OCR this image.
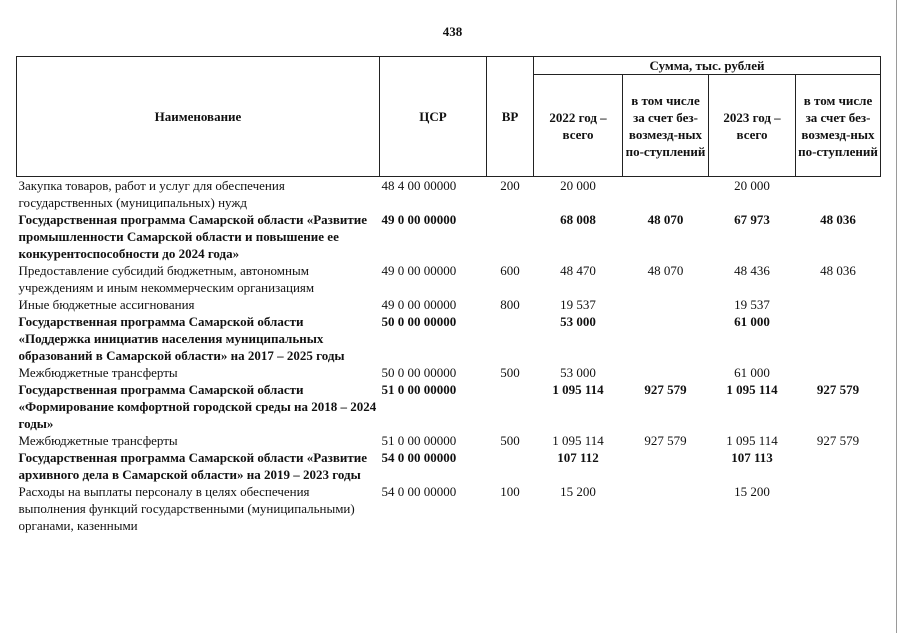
438
Наименование	ЦСР	ВР	Сумма, тыс. рублей			
			2022 год – всего	в том числе за счет без-возмезд-ных по-ступлений	2023 год – всего	в том числе за счет без-возмезд-ных по-ступлений
Закупка товаров, работ и услуг для обеспечения государственных (муниципальных) нужд	48 4 00 00000	200	20 000		20 000	
Государственная программа Самарской области «Развитие промышленности Самарской области и повышение ее конкурентоспособности до 2024 года»	49 0 00 00000		68 008	48 070	67 973	48 036
Предоставление субсидий бюджетным, автономным учреждениям и иным некоммерческим организациям	49 0 00 00000	600	48 470	48 070	48 436	48 036
Иные бюджетные ассигнования	49 0 00 00000	800	19 537		19 537	
Государственная программа Самарской области «Поддержка инициатив населения муниципальных образований в Самарской области» на 2017 – 2025 годы	50 0 00 00000		53 000		61 000	
Межбюджетные трансферты	50 0 00 00000	500	53 000		61 000	
Государственная программа Самарской области «Формирование комфортной городской среды на 2018 – 2024 годы»	51 0 00 00000		1 095 114	927 579	1 095 114	927 579
Межбюджетные трансферты	51 0 00 00000	500	1 095 114	927 579	1 095 114	927 579
Государственная программа Самарской области «Развитие архивного дела в Самарской области» на 2019 – 2023 годы	54 0 00 00000		107 112		107 113	
Расходы на выплаты персоналу в целях обеспечения выполнения функций государственными (муниципальными) органами, казенными	54 0 00 00000	100	15 200		15 200	
